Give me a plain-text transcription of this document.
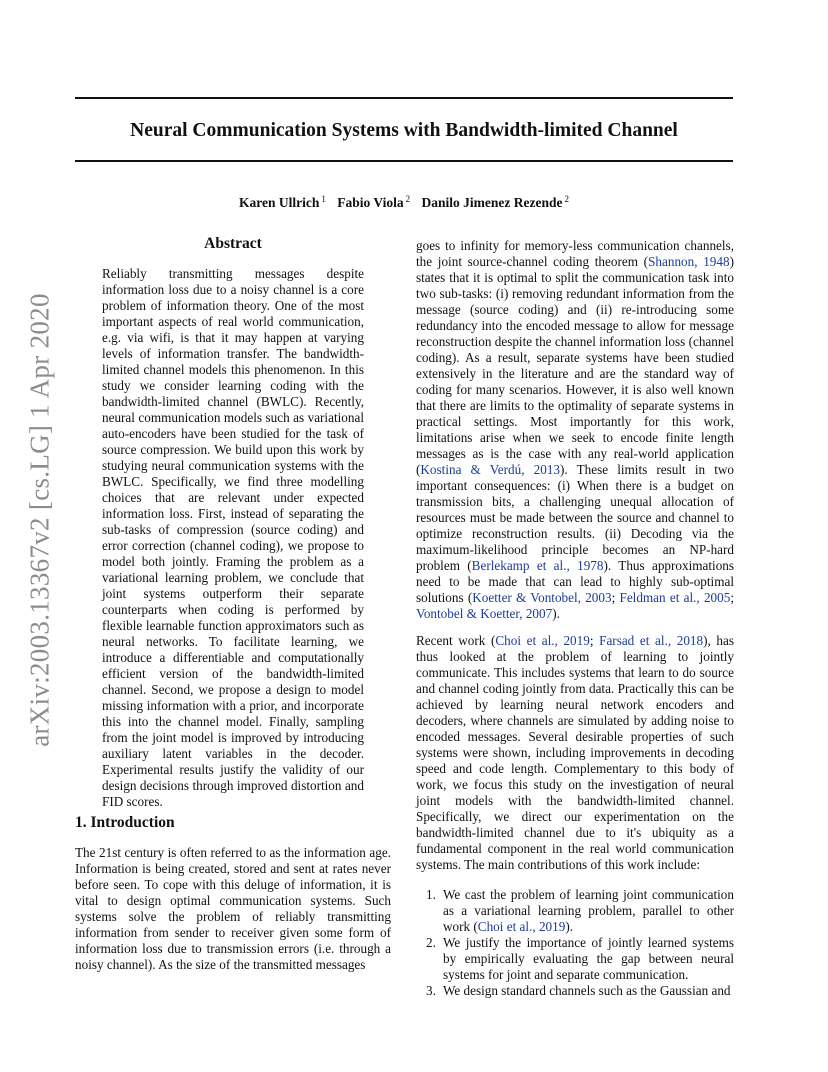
Neural Communication Systems with Bandwidth-limited Channel
Karen Ullrich $^1$ Fabio Viola $^2$ Danilo Jimenez Rezende $^2$
arXiv:2003.13367v2 [cs.LG] 1 Apr 2020
Abstract

Reliably transmitting messages despite information loss due to a noisy channel is a core problem of information theory. One of the most important aspects of real world communication, e.g. via wifi, is that it may happen at varying levels of information transfer. The bandwidth-limited channel models this phenomenon. In this study we consider learning coding with the bandwidth-limited channel (BWLC). Recently, neural communication models such as variational auto-encoders have been studied for the task of source compression. We build upon this work by studying neural communication systems with the BWLC. Specifically, we find three modelling choices that are relevant under expected information loss. First, instead of separating the sub-tasks of compression (source coding) and error correction (channel coding), we propose to model both jointly. Framing the problem as a variational learning problem, we conclude that joint systems outperform their separate counterparts when coding is performed by flexible learnable function approximators such as neural networks. To facilitate learning, we introduce a differentiable and computationally efficient version of the bandwidth-limited channel. Second, we propose a design to model missing information with a prior, and incorporate this into the channel model. Finally, sampling from the joint model is improved by introducing auxiliary latent variables in the decoder. Experimental results justify the validity of our design decisions through improved distortion and FID scores.

1. Introduction

The 21st century is often referred to as the information age. Information is being created, stored and sent at rates never before seen. To cope with this deluge of information, it is vital to design optimal communication systems. Such systems solve the problem of reliably transmitting information from sender to receiver given some form of information loss due to transmission errors (i.e. through a noisy channel). As the size of the transmitted messages

goes to infinity for memory-less communication channels, the joint source-channel coding theorem (Shannon, 1948) states that it is optimal to split the communication task into two sub-tasks: (i) removing redundant information from the message (source coding) and (ii) re-introducing some redundancy into the encoded message to allow for message reconstruction despite the channel information loss (channel coding). As a result, separate systems have been studied extensively in the literature and are the standard way of coding for many scenarios. However, it is also well known that there are limits to the optimality of separate systems in practical settings. Most importantly for this work, limitations arise when we seek to encode finite length messages as is the case with any real-world application (Kostina & Verdú, 2013). These limits result in two important consequences: (i) When there is a budget on transmission bits, a challenging unequal allocation of resources must be made between the source and channel to optimize reconstruction results. (ii) Decoding via the maximum-likelihood principle becomes an NP-hard problem (Berlekamp et al., 1978). Thus approximations need to be made that can lead to highly sub-optimal solutions (Koetter & Vontobel, 2003; Feldman et al., 2005; Vontobel & Koetter, 2007).

Recent work (Choi et al., 2019; Farsad et al., 2018), has thus looked at the problem of learning to jointly communicate. This includes systems that learn to do source and channel coding jointly from data. Practically this can be achieved by learning neural network encoders and decoders, where channels are simulated by adding noise to encoded messages. Several desirable properties of such systems were shown, including improvements in decoding speed and code length. Complementary to this body of work, we focus this study on the investigation of neural joint models with the bandwidth-limited channel. Specifically, we direct our experimentation on the bandwidth-limited channel due to it's ubiquity as a fundamental component in the real world communication systems. The main contributions of this work include:

1. We cast the problem of learning joint communication as a variational learning problem, parallel to other work (Choi et al., 2019).
2. We justify the importance of jointly learned systems by empirically evaluating the gap between neural systems for joint and separate communication.
3. We design standard channels such as the Gaussian and
